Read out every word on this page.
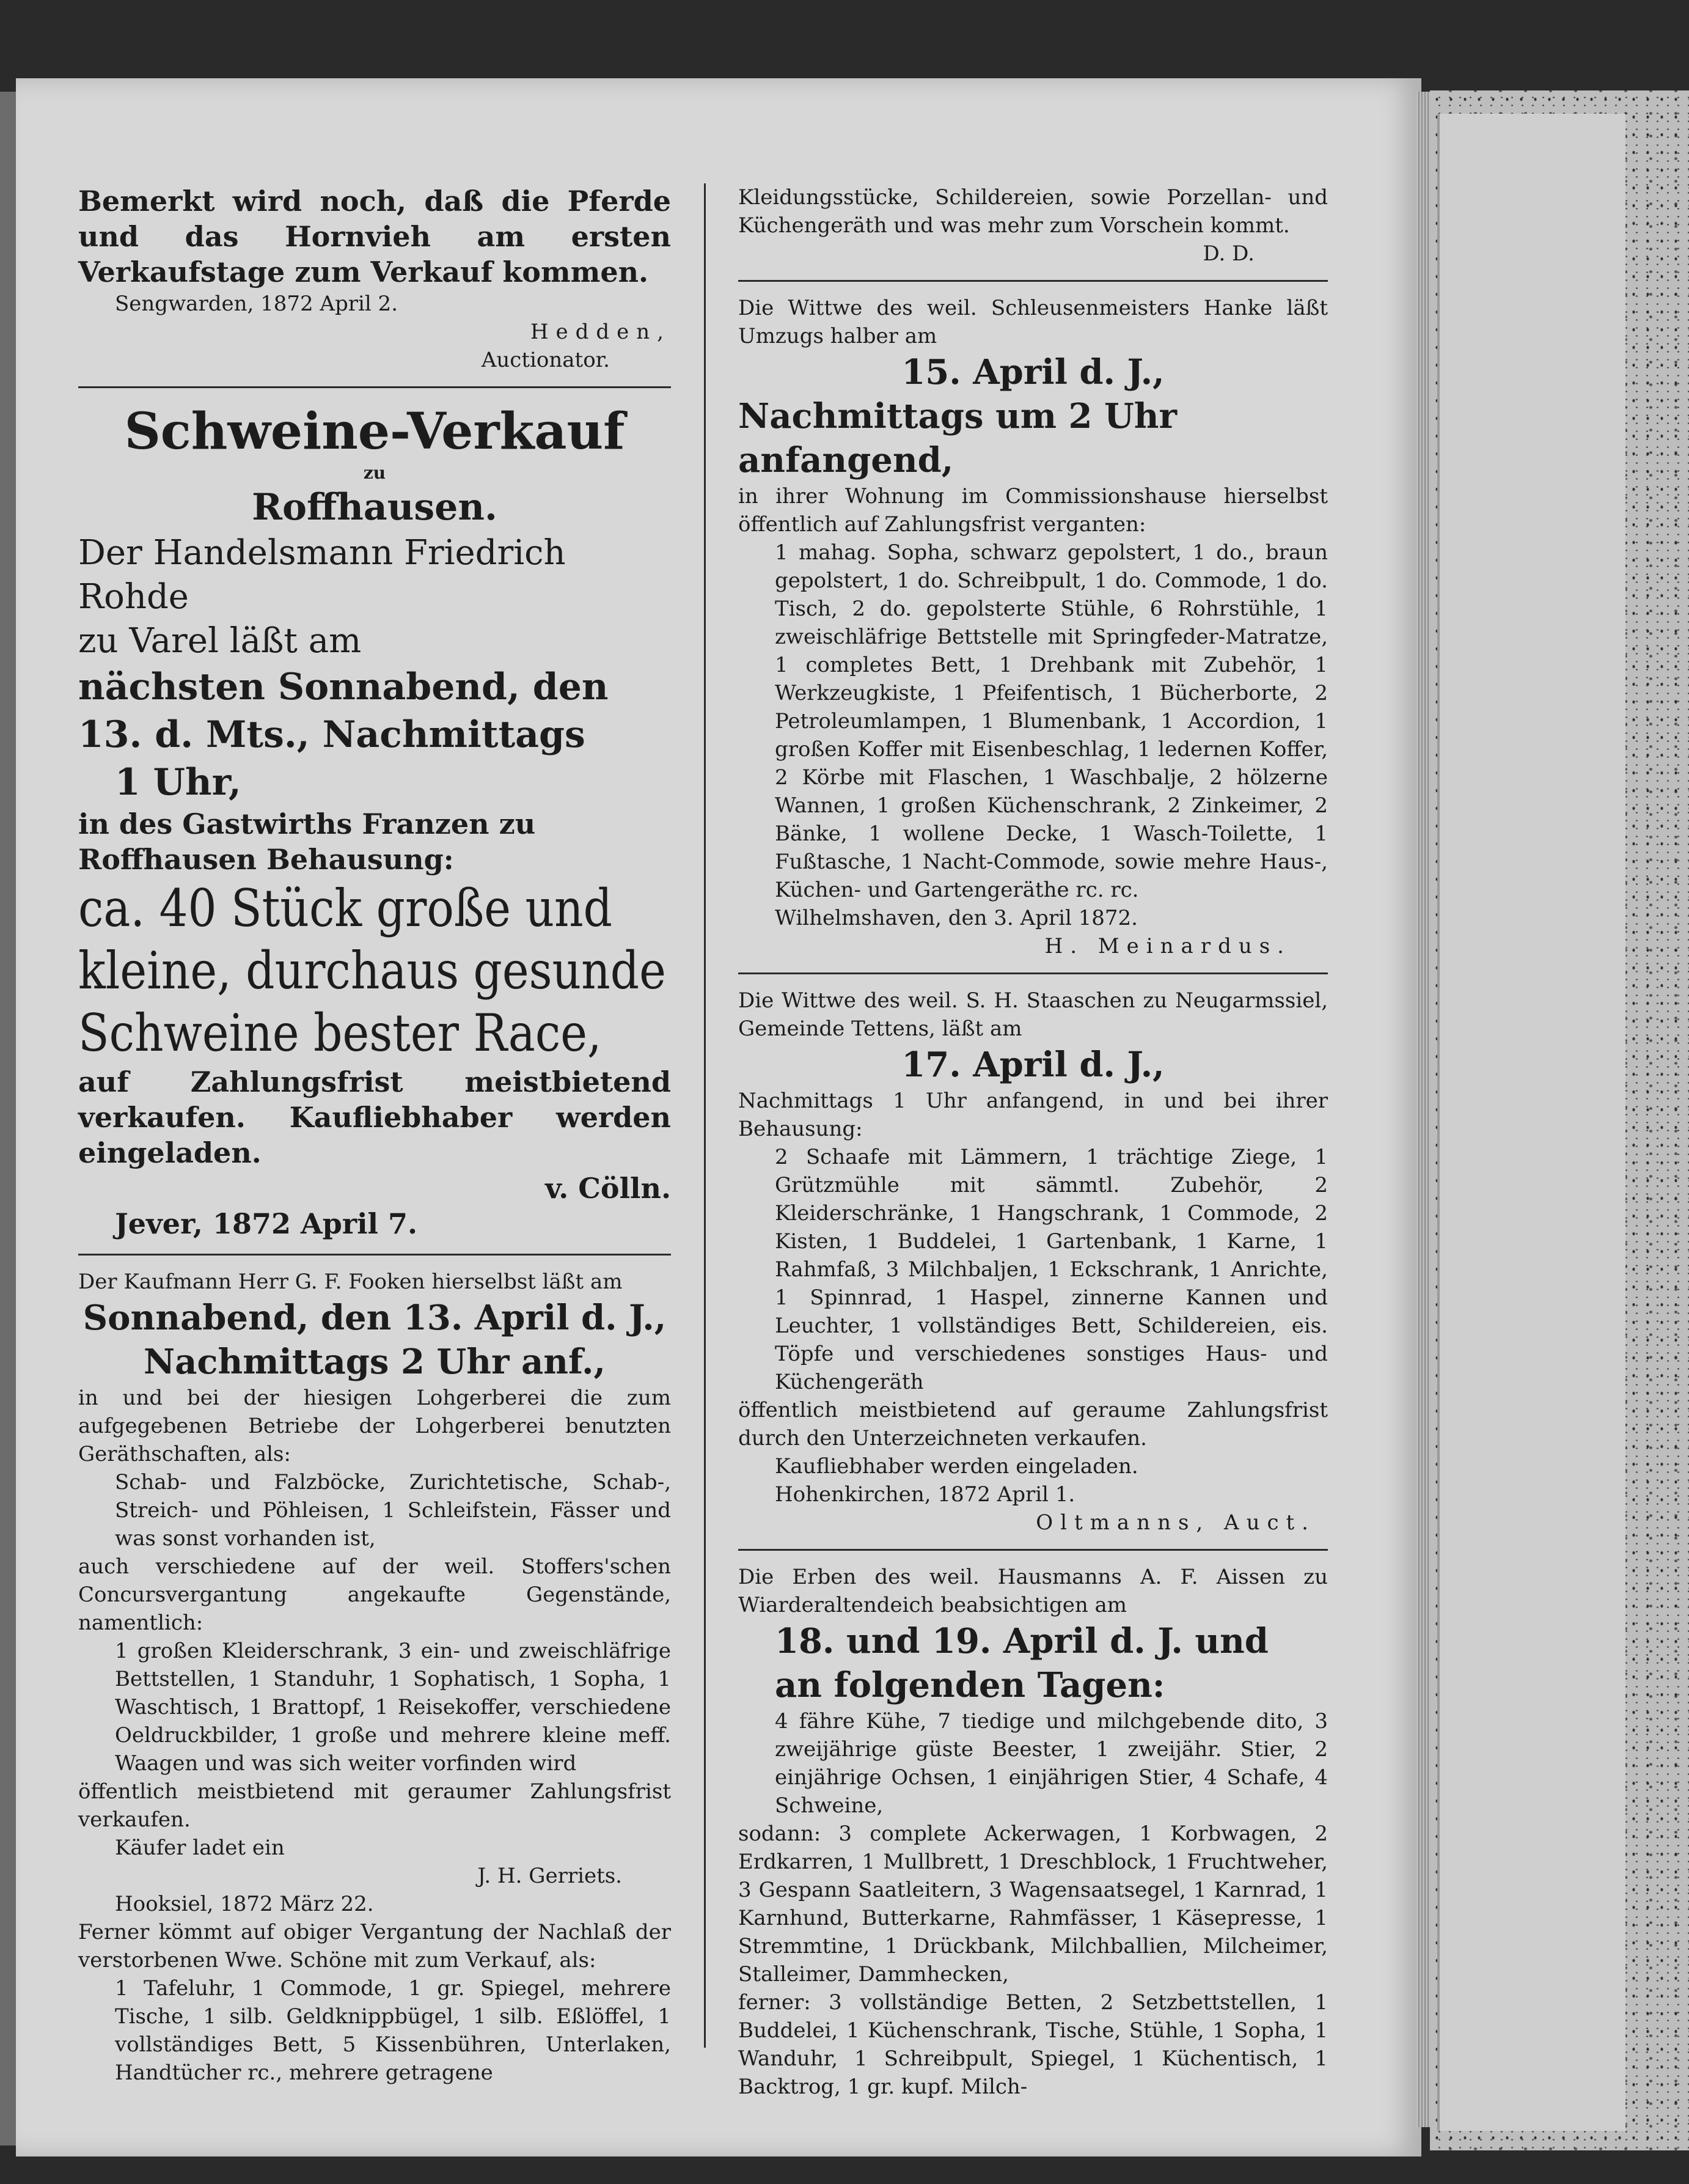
Bemerkt wird noch, daß die Pferde und das Hornvieh am ersten Verkaufstage zum Verkauf kommen.

Sengwarden, 1872 April 2.

Hedden,

Auctionator.

Schweine-Verkauf

zu

Roffhausen.

Der Handelsmann Friedrich Rohde

zu Varel läßt am

nächsten Sonnabend, den

13. d. Mts., Nachmittags

1 Uhr,

in des Gastwirths Franzen zu

Roffhausen Behausung:

ca. 40 Stück große und

kleine, durchaus gesunde

Schweine bester Race,

auf Zahlungsfrist meistbietend verkaufen. Kaufliebhaber werden eingeladen.

v. Cölln.

Jever, 1872 April 7.

Der Kaufmann Herr G. F. Fooken hierselbst läßt am

Sonnabend, den 13. April d. J.,

Nachmittags 2 Uhr anf.,

in und bei der hiesigen Lohgerberei die zum aufgegebenen Betriebe der Lohgerberei benutzten Geräthschaften, als:

Schab- und Falzböcke, Zurichtetische, Schab-, Streich- und Pöhleisen, 1 Schleifstein, Fässer und was sonst vorhanden ist,

auch verschiedene auf der weil. Stoffers'schen Concursvergantung angekaufte Gegenstände, namentlich:

1 großen Kleiderschrank, 3 ein- und zweischläfrige Bettstellen, 1 Standuhr, 1 Sophatisch, 1 Sopha, 1 Waschtisch, 1 Brattopf, 1 Reisekoffer, verschiedene Oeldruckbilder, 1 große und mehrere kleine meff. Waagen und was sich weiter vorfinden wird

öffentlich meistbietend mit geraumer Zahlungsfrist verkaufen.

Käufer ladet ein

J. H. Gerriets.

Hooksiel, 1872 März 22.

Ferner kömmt auf obiger Vergantung der Nachlaß der verstorbenen Wwe. Schöne mit zum Verkauf, als:

1 Tafeluhr, 1 Commode, 1 gr. Spiegel, mehrere Tische, 1 silb. Geldknippbügel, 1 silb. Eßlöffel, 1 vollständiges Bett, 5 Kissenbühren, Unterlaken, Handtücher rc., mehrere getragene

Kleidungsstücke, Schildereien, sowie Porzellan- und Küchengeräth und was mehr zum Vorschein kommt.

D. D.

Die Wittwe des weil. Schleusenmeisters Hanke läßt Umzugs halber am

15. April d. J.,

Nachmittags um 2 Uhr anfangend,

in ihrer Wohnung im Commissionshause hierselbst öffentlich auf Zahlungsfrist verganten:

1 mahag. Sopha, schwarz gepolstert, 1 do., braun gepolstert, 1 do. Schreibpult, 1 do. Commode, 1 do. Tisch, 2 do. gepolsterte Stühle, 6 Rohrstühle, 1 zweischläfrige Bettstelle mit Springfeder-Matratze, 1 completes Bett, 1 Drehbank mit Zubehör, 1 Werkzeugkiste, 1 Pfeifentisch, 1 Bücherborte, 2 Petroleumlampen, 1 Blumenbank, 1 Accordion, 1 großen Koffer mit Eisenbeschlag, 1 ledernen Koffer, 2 Körbe mit Flaschen, 1 Waschbalje, 2 hölzerne Wannen, 1 großen Küchenschrank, 2 Zinkeimer, 2 Bänke, 1 wollene Decke, 1 Wasch-Toilette, 1 Fußtasche, 1 Nacht-Commode, sowie mehre Haus-, Küchen- und Gartengeräthe rc. rc.

Wilhelmshaven, den 3. April 1872.

H. Meinardus.

Die Wittwe des weil. S. H. Staaschen zu Neugarmssiel, Gemeinde Tettens, läßt am

17. April d. J.,

Nachmittags 1 Uhr anfangend, in und bei ihrer Behausung:

2 Schaafe mit Lämmern, 1 trächtige Ziege, 1 Grützmühle mit sämmtl. Zubehör, 2 Kleiderschränke, 1 Hangschrank, 1 Commode, 2 Kisten, 1 Buddelei, 1 Gartenbank, 1 Karne, 1 Rahmfaß, 3 Milchbaljen, 1 Eckschrank, 1 Anrichte, 1 Spinnrad, 1 Haspel, zinnerne Kannen und Leuchter, 1 vollständiges Bett, Schildereien, eis. Töpfe und verschiedenes sonstiges Haus- und Küchengeräth

öffentlich meistbietend auf geraume Zahlungsfrist durch den Unterzeichneten verkaufen.

Kaufliebhaber werden eingeladen.

Hohenkirchen, 1872 April 1.

Oltmanns, Auct.

Die Erben des weil. Hausmanns A. F. Aissen zu Wiarderaltendeich beabsichtigen am

18. und 19. April d. J. und

an folgenden Tagen:

4 fähre Kühe, 7 tiedige und milchgebende dito, 3 zweijährige güste Beester, 1 zweijähr. Stier, 2 einjährige Ochsen, 1 einjährigen Stier, 4 Schafe, 4 Schweine,

sodann: 3 complete Ackerwagen, 1 Korbwagen, 2 Erdkarren, 1 Mullbrett, 1 Dreschblock, 1 Fruchtweher, 3 Gespann Saatleitern, 3 Wagensaatsegel, 1 Karnrad, 1 Karnhund, Butterkarne, Rahmfässer, 1 Käsepresse, 1 Stremmtine, 1 Drückbank, Milchballien, Milcheimer, Stalleimer, Dammhecken,

ferner: 3 vollständige Betten, 2 Setzbettstellen, 1 Buddelei, 1 Küchenschrank, Tische, Stühle, 1 Sopha, 1 Wanduhr, 1 Schreibpult, Spiegel, 1 Küchentisch, 1 Backtrog, 1 gr. kupf. Milch-
